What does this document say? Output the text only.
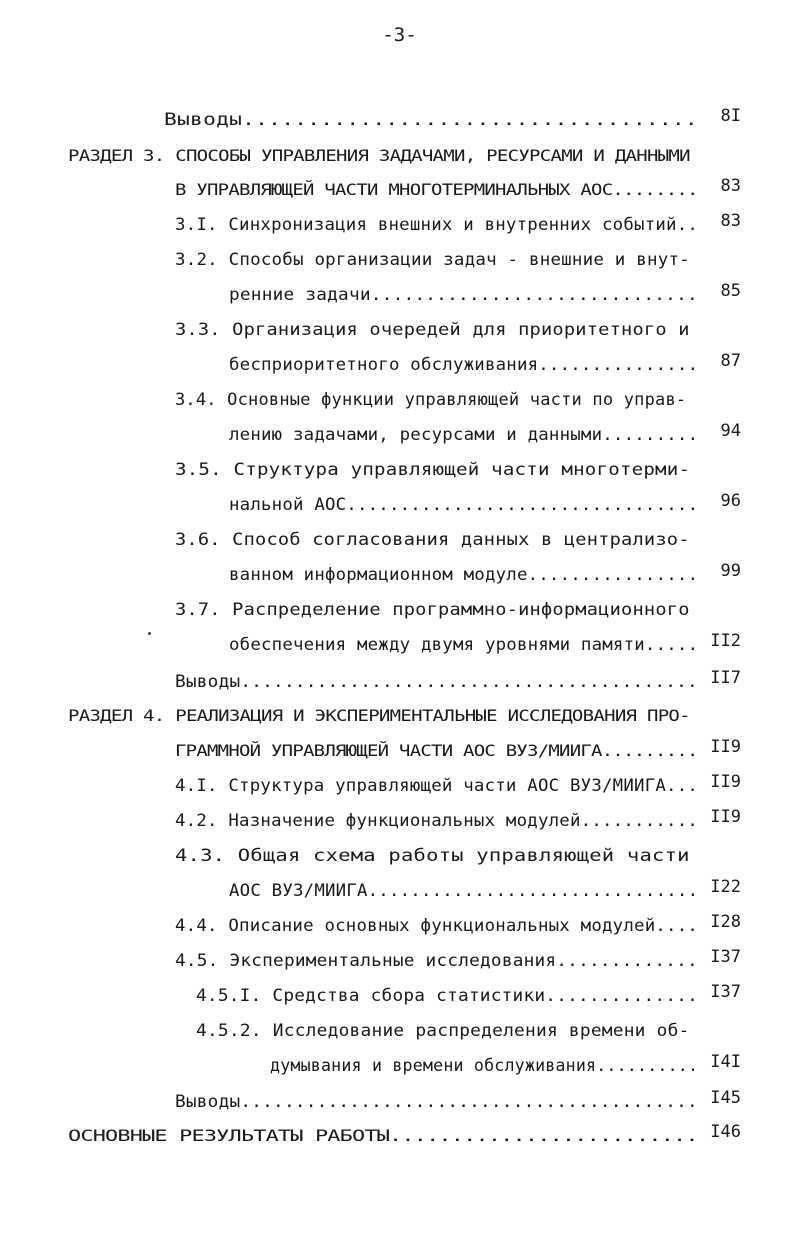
-3-
Выводы................................... 8I
РАЗДЕЛ 3. СПОСОБЫ УПРАВЛЕНИЯ ЗАДАЧАМИ, РЕСУРСАМИ И ДАННЫМИ
В УПРАВЛЯЮЩЕЙ ЧАСТИ МНОГОТЕРМИНАЛЬНЫХ АОС........ 83
3.I. Синхронизация внешних и внутренних событий.. 83
3.2. Способы организации задач - внешние и внут-
ренние задачи.............................. 85
3.3. Организация очередей для приоритетного и
бесприоритетного обслуживания............... 87
3.4. Основные функции управляющей части по управ-
лению задачами, ресурсами и данными......... 94
3.5. Структура управляющей части многотерми-
нальной АОС................................. 96
3.6. Способ согласования данных в централизо-
ванном информационном модуле................ 99
3.7. Распределение программно-информационного
обеспечения между двумя уровнями памяти..... II2
Выводы.......................................... II7
РАЗДЕЛ 4. РЕАЛИЗАЦИЯ И ЭКСПЕРИМЕНТАЛЬНЫЕ ИССЛЕДОВАНИЯ ПРО-
ГРАММНОЙ УПРАВЛЯЮЩЕЙ ЧАСТИ АОС ВУЗ/МИИГА......... II9
4.I. Структура управляющей части АОС ВУЗ/МИИГА... II9
4.2. Назначение функциональных модулей........... II9
4.3. Общая схема работы управляющей части
АОС ВУЗ/МИИГА............................... I22
4.4. Описание основных функциональных модулей.... I28
4.5. Экспериментальные исследования............. I37
4.5.I. Средства сбора статистики.............. I37
4.5.2. Исследование распределения времени об-
думывания и времени обслуживания.......... I4I
Выводы.......................................... I45
ОСНОВНЫЕ РЕЗУЛЬТАТЫ РАБОТЫ......................... I46
